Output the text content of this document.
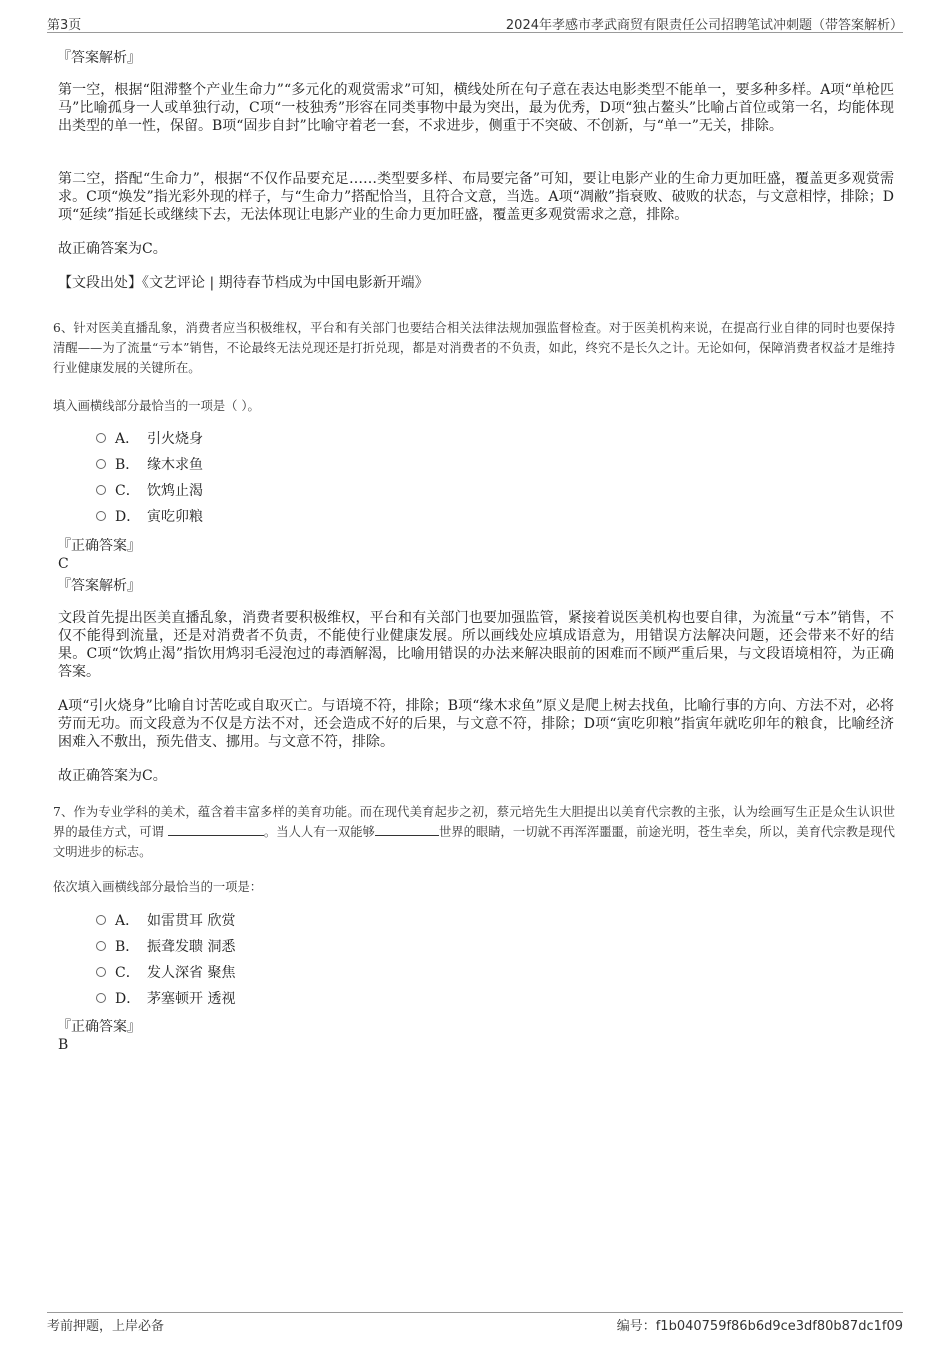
第3页	2024年孝感市孝武商贸有限责任公司招聘笔试冲刺题（带答案解析）
『答案解析』
第一空，根据“阻滞整个产业生命力”“多元化的观赏需求”可知，横线处所在句子意在表达电影类型不能单一，要多种多样。A项“单枪匹马”比喻孤身一人或单独行动，C项“一枝独秀”形容在同类事物中最为突出，最为优秀，D项“独占鳌头”比喻占首位或第一名，均能体现出类型的单一性，保留。B项“固步自封”比喻守着老一套，不求进步，侧重于不突破、不创新，与“单一”无关，排除。
第二空，搭配“生命力”，根据“不仅作品要充足……类型要多样、布局要完备”可知，要让电影产业的生命力更加旺盛，覆盖更多观赏需求。C项“焕发”指光彩外现的样子，与“生命力”搭配恰当，且符合文意，当选。A项“凋敝”指衰败、破败的状态，与文意相悖，排除；D项“延续”指延长或继续下去，无法体现让电影产业的生命力更加旺盛，覆盖更多观赏需求之意，排除。
故正确答案为C。
【文段出处】《文艺评论 | 期待春节档成为中国电影新开端》
6、针对医美直播乱象，消费者应当积极维权，平台和有关部门也要结合相关法律法规加强监督检查。对于医美机构来说，在提高行业自律的同时也要保持清醒——为了流量“亏本”销售，不论最终无法兑现还是打折兑现，都是对消费者的不负责，如此，终究不是长久之计。无论如何，保障消费者权益才是维持行业健康发展的关键所在。
填入画横线部分最恰当的一项是（ ）。
A． 引火烧身
B． 缘木求鱼
C． 饮鸩止渴
D． 寅吃卯粮
『正确答案』
C
『答案解析』
文段首先提出医美直播乱象，消费者要积极维权，平台和有关部门也要加强监管，紧接着说医美机构也要自律，为流量“亏本”销售，不仅不能得到流量，还是对消费者不负责，不能使行业健康发展。所以画线处应填成语意为，用错误方法解决问题，还会带来不好的结果。C项“饮鸩止渴”指饮用鸩羽毛浸泡过的毒酒解渴，比喻用错误的办法来解决眼前的困难而不顾严重后果，与文段语境相符，为正确答案。
A项“引火烧身”比喻自讨苦吃或自取灭亡。与语境不符，排除；B项“缘木求鱼”原义是爬上树去找鱼，比喻行事的方向、方法不对，必将劳而无功。而文段意为不仅是方法不对，还会造成不好的后果，与文意不符，排除；D项“寅吃卯粮”指寅年就吃卯年的粮食，比喻经济困难入不敷出，预先借支、挪用。与文意不符，排除。
故正确答案为C。
7、作为专业学科的美术，蕴含着丰富多样的美育功能。而在现代美育起步之初，蔡元培先生大胆提出以美育代宗教的主张，认为绘画写生正是众生认识世界的最佳方式，可谓	。当人人有一双能够	世界的眼睛，一切就不再浑浑噩噩，前途光明，苍生幸矣，所以，美育代宗教是现代文明进步的标志。
依次填入画横线部分最恰当的一项是：
A． 如雷贯耳 欣赏
B． 振聋发聩 洞悉
C． 发人深省 聚焦
D． 茅塞顿开 透视
『正确答案』
B
考前押题，上岸必备	编号：f1b040759f86b6d9ce3df80b87dc1f09
